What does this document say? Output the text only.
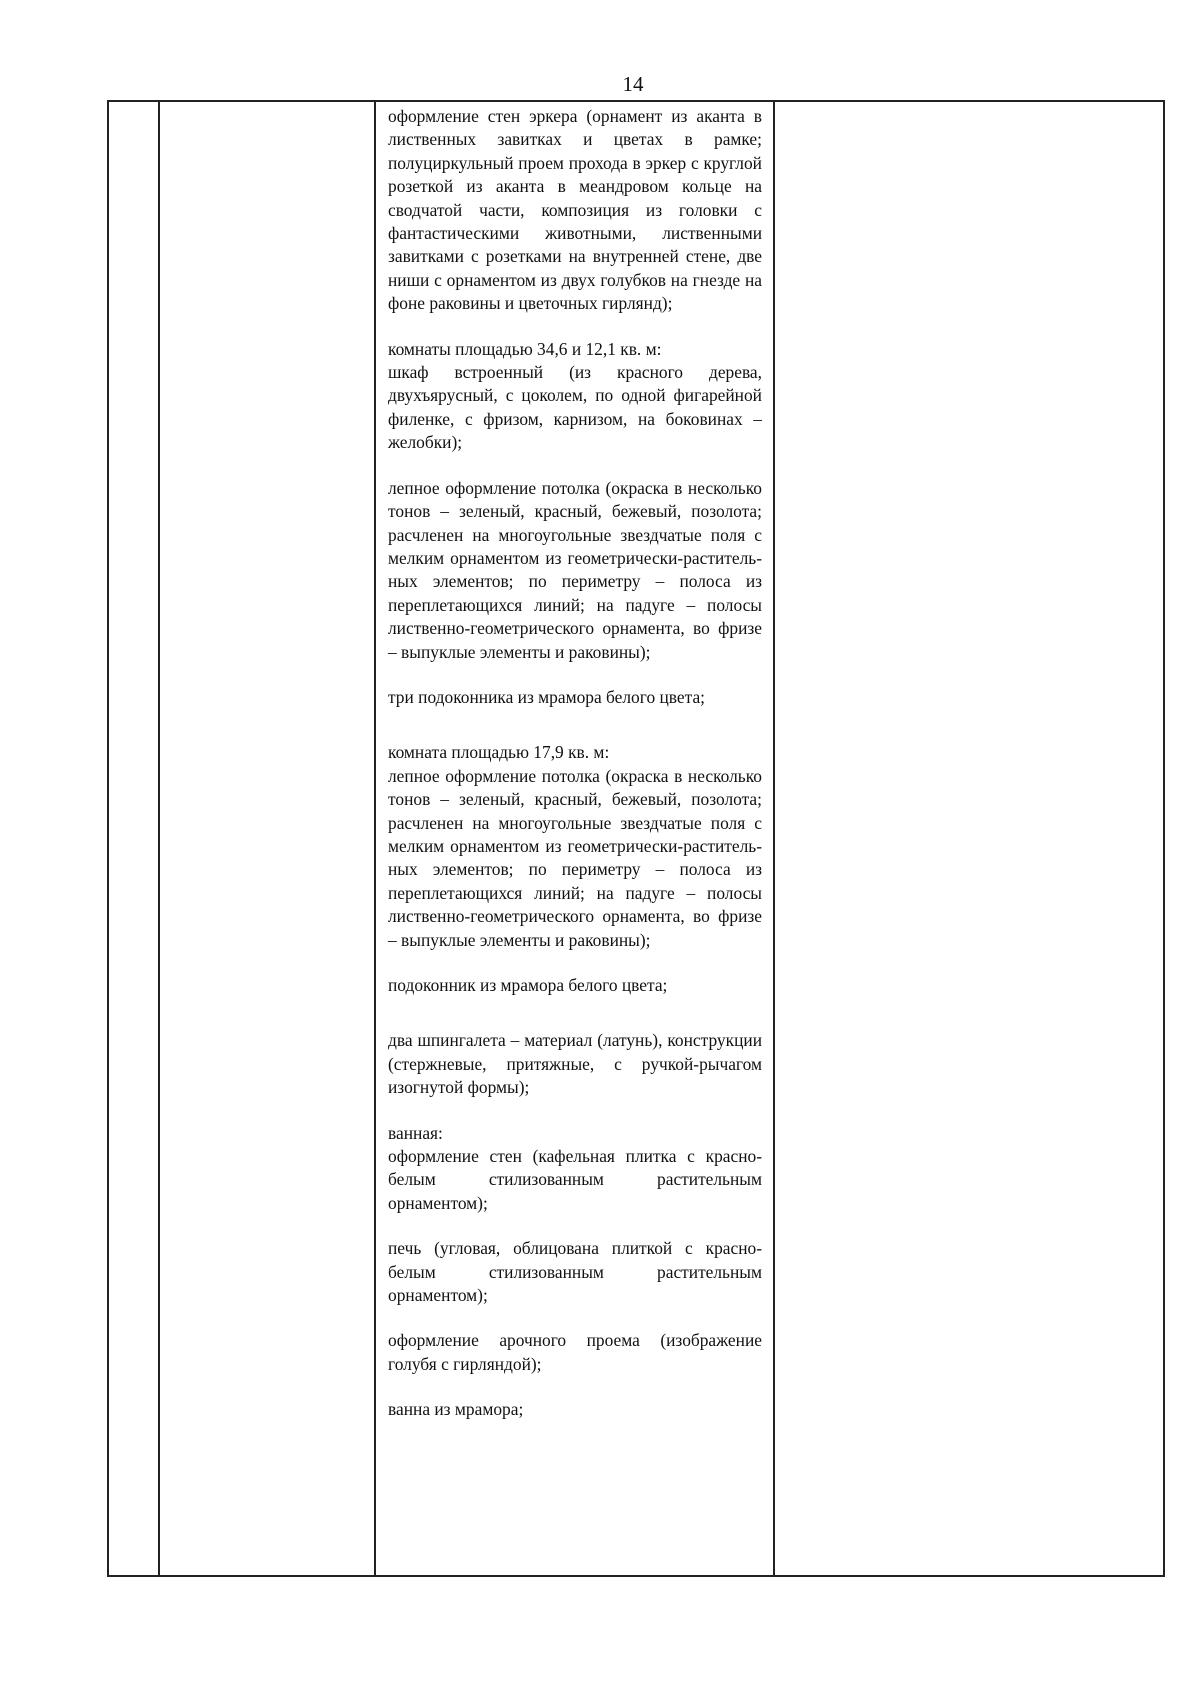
14

оформление стен эркера (орнамент из аканта в лиственных завитках и цветах в рамке; полуциркульный проем прохода в эркер с круглой розеткой из аканта в меандровом кольце на сводчатой части, композиция из головки с фантастическими животными, лиственными завитками с розетками на внутренней стене, две ниши с орнаментом из двух голубков на гнезде на фоне раковины и цветочных гирлянд);
комнаты площадью 34,6 и 12,1 кв. м:
шкаф встроенный (из красного дерева, двухъярусный, с цоколем, по одной фигарейной филенке, с фризом, карнизом, на боковинах – желобки);
лепное оформление потолка (окраска в несколько тонов – зеленый, красный, бежевый, позолота; расчленен на многоугольные звездчатые поля с мелким орнаментом из геометрически-раститель-ных элементов; по периметру – полоса из переплетающихся линий; на падуге – полосы лиственно-геометрического орнамента, во фризе – выпуклые элементы и раковины);
три подоконника из мрамора белого цвета;
комната площадью 17,9 кв. м:
лепное оформление потолка (окраска в несколько тонов – зеленый, красный, бежевый, позолота; расчленен на многоугольные звездчатые поля с мелким орнаментом из геометрически-раститель-ных элементов; по периметру – полоса из переплетающихся линий; на падуге – полосы лиственно-геометрического орнамента, во фризе – выпуклые элементы и раковины);
подоконник из мрамора белого цвета;
два шпингалета – материал (латунь), конструкции (стержневые, притяжные, с ручкой-рычагом изогнутой формы);
ванная:
оформление стен (кафельная плитка с красно-белым стилизованным растительным орнаментом);
печь (угловая, облицована плиткой с красно-белым стилизованным растительным орнаментом);
оформление арочного проема (изображение голубя с гирляндой);
ванна из мрамора;
